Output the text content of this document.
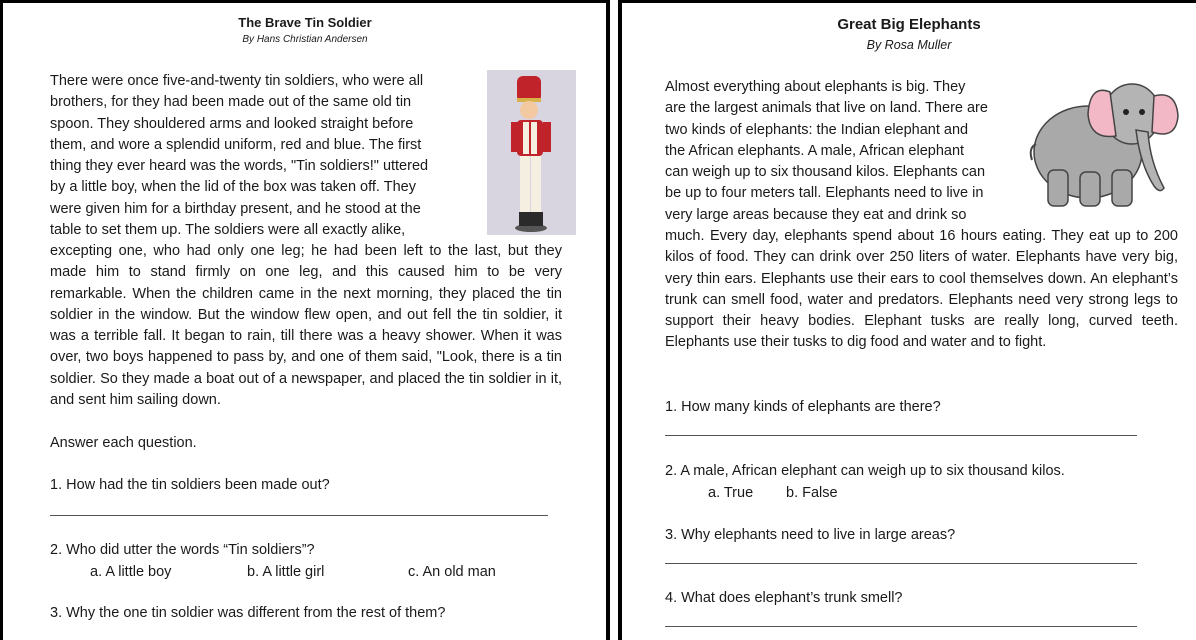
The Brave Tin Soldier
By Hans Christian Andersen
There were once five-and-twenty tin soldiers, who were all
brothers, for they had been made out of the same old tin
spoon. They shouldered arms and looked straight before
them, and wore a splendid uniform, red and blue. The first
thing they ever heard was the words, "Tin soldiers!" uttered
by a little boy, when the lid of the box was taken off. They
were given him for a birthday present, and he stood at the
table to set them up. The soldiers were all exactly alike,
excepting one, who had only one leg; he had been left to the last, but they made him to stand firmly on one leg, and this caused him to be very remarkable. When the children came in the next morning, they placed the tin soldier in the window. But the window flew open, and out fell the tin soldier, it was a terrible fall. It began to rain, till there was a heavy shower. When it was over, two boys happened to pass by, and one of them said, "Look, there is a tin soldier. So they made a boat out of a newspaper, and placed the tin soldier in it, and sent him sailing down.
Answer each question.
1. How had the tin soldiers been made out?
2. Who did utter the words “Tin soldiers”?
a. A little boy	b. A little girl	c. An old man
3. Why the one tin soldier was different from the rest of them?
Great Big Elephants
By Rosa Muller
Almost everything about elephants is big. They
are the largest animals that live on land. There are
two kinds of elephants: the Indian elephant and
the African elephants. A male, African elephant
can weigh up to six thousand kilos. Elephants can
be up to four meters tall. Elephants need to live in
very large areas because they eat and drink so
much. Every day, elephants spend about 16 hours eating. They eat up to 200 kilos of food. They can drink over 250 liters of water. Elephants have very big, very thin ears. Elephants use their ears to cool themselves down. An elephant’s trunk can smell food, water and predators. Elephants need very strong legs to support their heavy bodies. Elephant tusks are really long, curved teeth. Elephants use their tusks to dig food and water and to fight.
1. How many kinds of elephants are there?
2. A male, African elephant can weigh up to six thousand kilos.
a. True b. False
3. Why elephants need to live in large areas?
4. What does elephant’s trunk smell?
